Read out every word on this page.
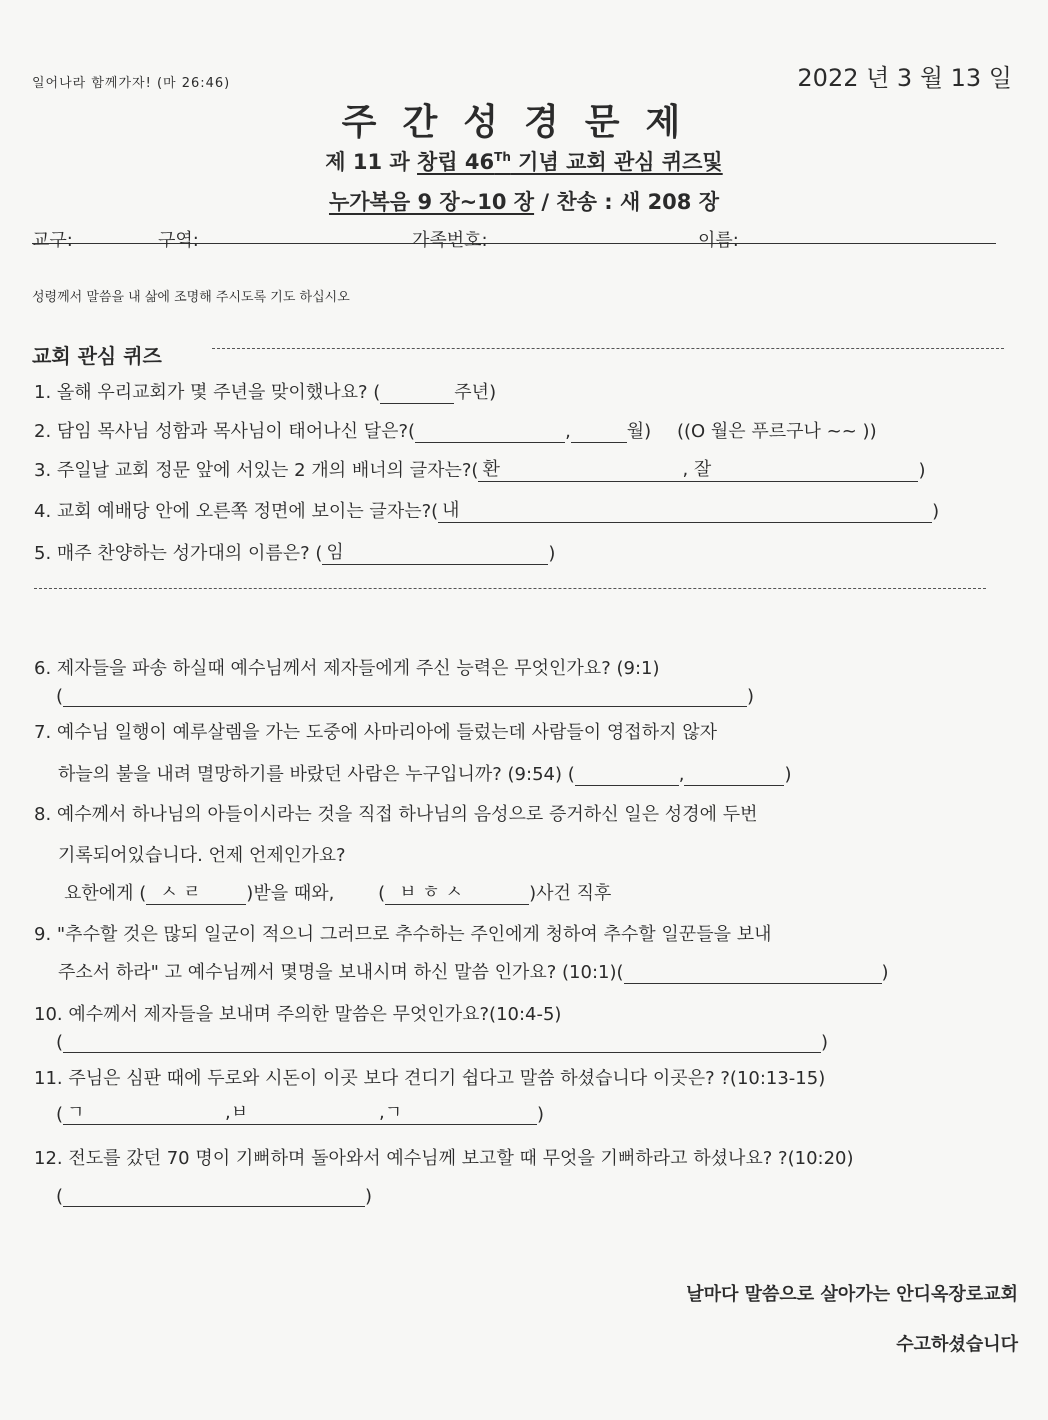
일어나라 함께가자! (마 26:46)	2022 년 3 월 13 일
주간성경문제
제 11 과 창립 46Th 기념 교회 관심 퀴즈및
누가복음 9 장~10 장 / 찬송 : 새 208 장
교구:	구역:	가족번호:	이름:
성령께서 말씀을 내 삶에 조명해 주시도록 기도 하십시오
교회 관심 퀴즈
1. 올해 우리교회가 몇 주년을 맞이했나요? (	주년)
2. 담임 목사님 성함과 목사님이 태어나신 달은?(	,	월) ((O 월은 푸르구나 ~~ ))
3. 주일날 교회 정문 앞에 서있는 2 개의 배너의 글자는?( 환	, 잘	)
4. 교회 예배당 안에 오른쪽 정면에 보이는 글자는?( 내	)
5. 매주 찬양하는 성가대의 이름은? ( 임	)
6. 제자들을 파송 하실때 예수님께서 제자들에게 주신 능력은 무엇인가요? (9:1)
(	)
7. 예수님 일행이 예루살렘을 가는 도중에 사마리아에 들렀는데 사람들이 영접하지 않자
하늘의 불을 내려 멸망하기를 바랐던 사람은 누구입니까? (9:54) (	,	)
8. 예수께서 하나님의 아들이시라는 것을 직접 하나님의 음성으로 증거하신 일은 성경에 두번
기록되어있습니다. 언제 언제인가요?
요한에게 ( ㅅ ㄹ	)받을 때와, ( ㅂ ㅎ ㅅ	)사건 직후
9. "추수할 것은 많되 일군이 적으니 그러므로 추수하는 주인에게 청하여 추수할 일꾼들을 보내
주소서 하라" 고 예수님께서 몇명을 보내시며 하신 말씀 인가요? (10:1)(	)
10. 예수께서 제자들을 보내며 주의한 말씀은 무엇인가요?(10:4-5)
(	)
11. 주님은 심판 때에 두로와 시돈이 이곳 보다 견디기 쉽다고 말씀 하셨습니다 이곳은? ?(10:13-15)
( ㄱ	,ㅂ	,ㄱ	)
12. 전도를 갔던 70 명이 기뻐하며 돌아와서 예수님께 보고할 때 무엇을 기뻐하라고 하셨나요? ?(10:20)
(	)
날마다 말씀으로 살아가는 안디옥장로교회
수고하셨습니다
